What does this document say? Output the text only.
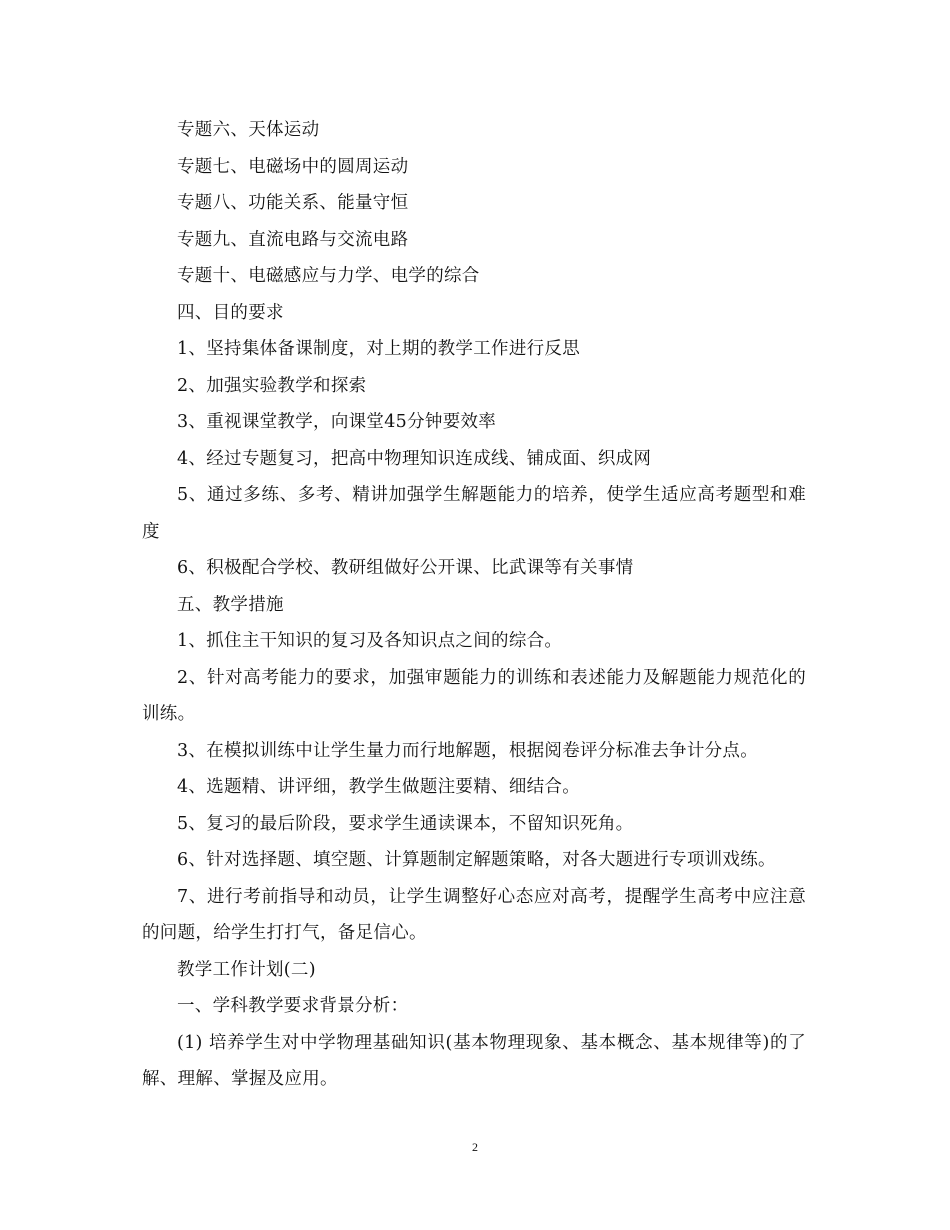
专题六、天体运动

专题七、电磁场中的圆周运动

专题八、功能关系、能量守恒

专题九、直流电路与交流电路

专题十、电磁感应与力学、电学的综合

四、目的要求

1、坚持集体备课制度，对上期的教学工作进行反思

2、加强实验教学和探索

3、重视课堂教学，向课堂45分钟要效率

4、经过专题复习，把高中物理知识连成线、铺成面、织成网

5、通过多练、多考、精讲加强学生解题能力的培养，使学生适应高考题型和难度

6、积极配合学校、教研组做好公开课、比武课等有关事情

五、教学措施

1、抓住主干知识的复习及各知识点之间的综合。

2、针对高考能力的要求，加强审题能力的训练和表述能力及解题能力规范化的训练。

3、在模拟训练中让学生量力而行地解题，根据阅卷评分标准去争计分点。

4、选题精、讲评细，教学生做题注要精、细结合。

5、复习的最后阶段，要求学生通读课本，不留知识死角。

6、针对选择题、填空题、计算题制定解题策略，对各大题进行专项训戏练。

7、进行考前指导和动员，让学生调整好心态应对高考，提醒学生高考中应注意的问题，给学生打打气，备足信心。

教学工作计划(二)

一、学科教学要求背景分析：

(1) 培养学生对中学物理基础知识(基本物理现象、基本概念、基本规律等)的了解、理解、掌握及应用。

2
